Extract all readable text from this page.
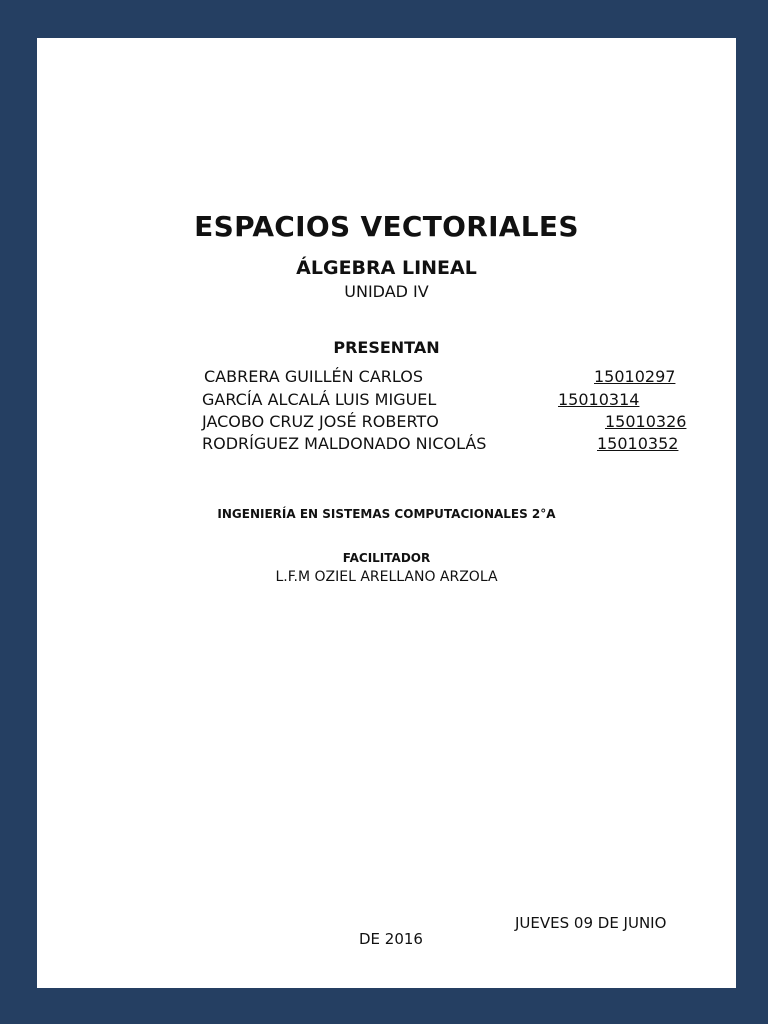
ESPACIOS VECTORIALES
ÁLGEBRA LINEAL
UNIDAD IV
PRESENTAN
CABRERA GUILLÉN CARLOS	15010297
GARCÍA ALCALÁ LUIS MIGUEL	15010314
JACOBO CRUZ JOSÉ ROBERTO	15010326
RODRÍGUEZ MALDONADO NICOLÁS	15010352
INGENIERÍA EN SISTEMAS COMPUTACIONALES 2°A
FACILITADOR
L.F.M OZIEL ARELLANO ARZOLA
JUEVES 09 DE JUNIO
DE 2016
